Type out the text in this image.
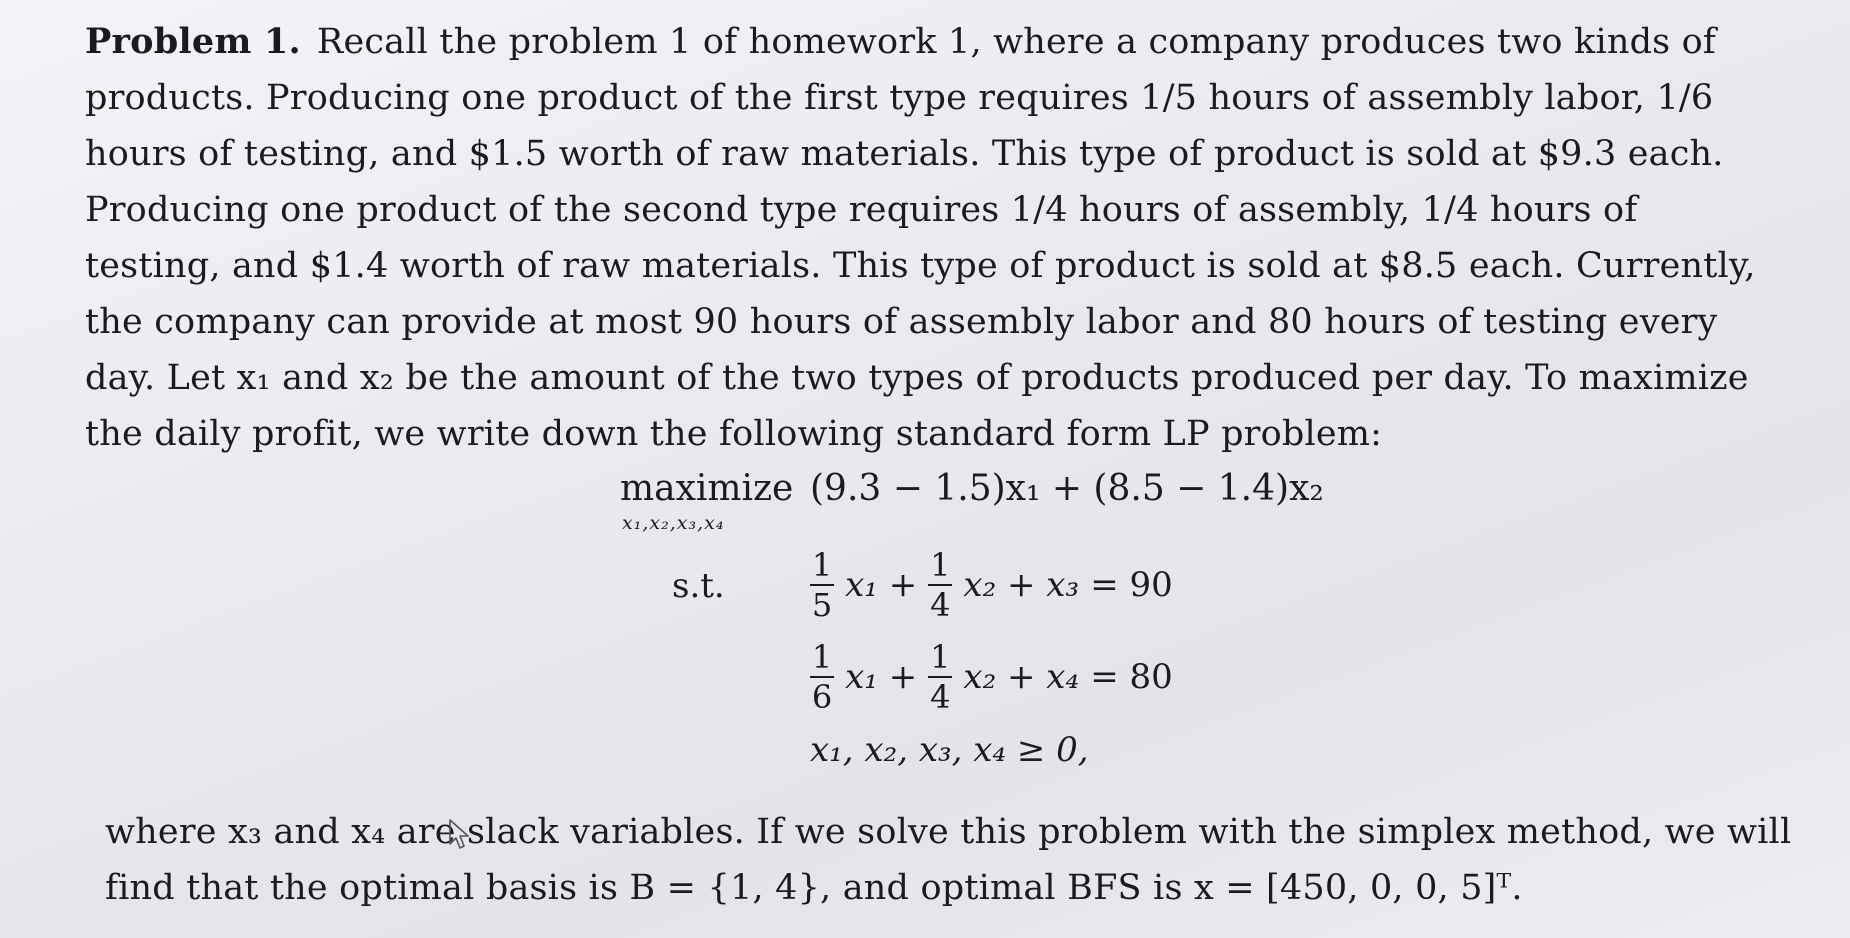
Problem 1. Recall the problem 1 of homework 1, where a company produces two kinds of products. Producing one product of the first type requires 1/5 hours of assembly labor, 1/6 hours of testing, and $1.5 worth of raw materials. This type of product is sold at $9.3 each. Producing one product of the second type requires 1/4 hours of assembly, 1/4 hours of testing, and $1.4 worth of raw materials. This type of product is sold at $8.5 each. Currently, the company can provide at most 90 hours of assembly labor and 80 hours of testing every day. Let x₁ and x₂ be the amount of the two types of products produced per day. To maximize the daily profit, we write down the following standard form LP problem:

maximize
x₁,x₂,x₃,x₄
(9.3 − 1.5)x₁ + (8.5 − 1.4)x₂
s.t.	$\frac{1}{5} x_1 + \frac{1}{4} x_2 + x_3 = 90$
$\frac{1}{6} x_1 + \frac{1}{4} x_2 + x_4 = 80$
x₁, x₂, x₃, x₄ ≥ 0,

where x₃ and x₄ are slack variables. If we solve this problem with the simplex method, we will find that the optimal basis is B = {1, 4}, and optimal BFS is x = [450, 0, 0, 5]ᵀ.
